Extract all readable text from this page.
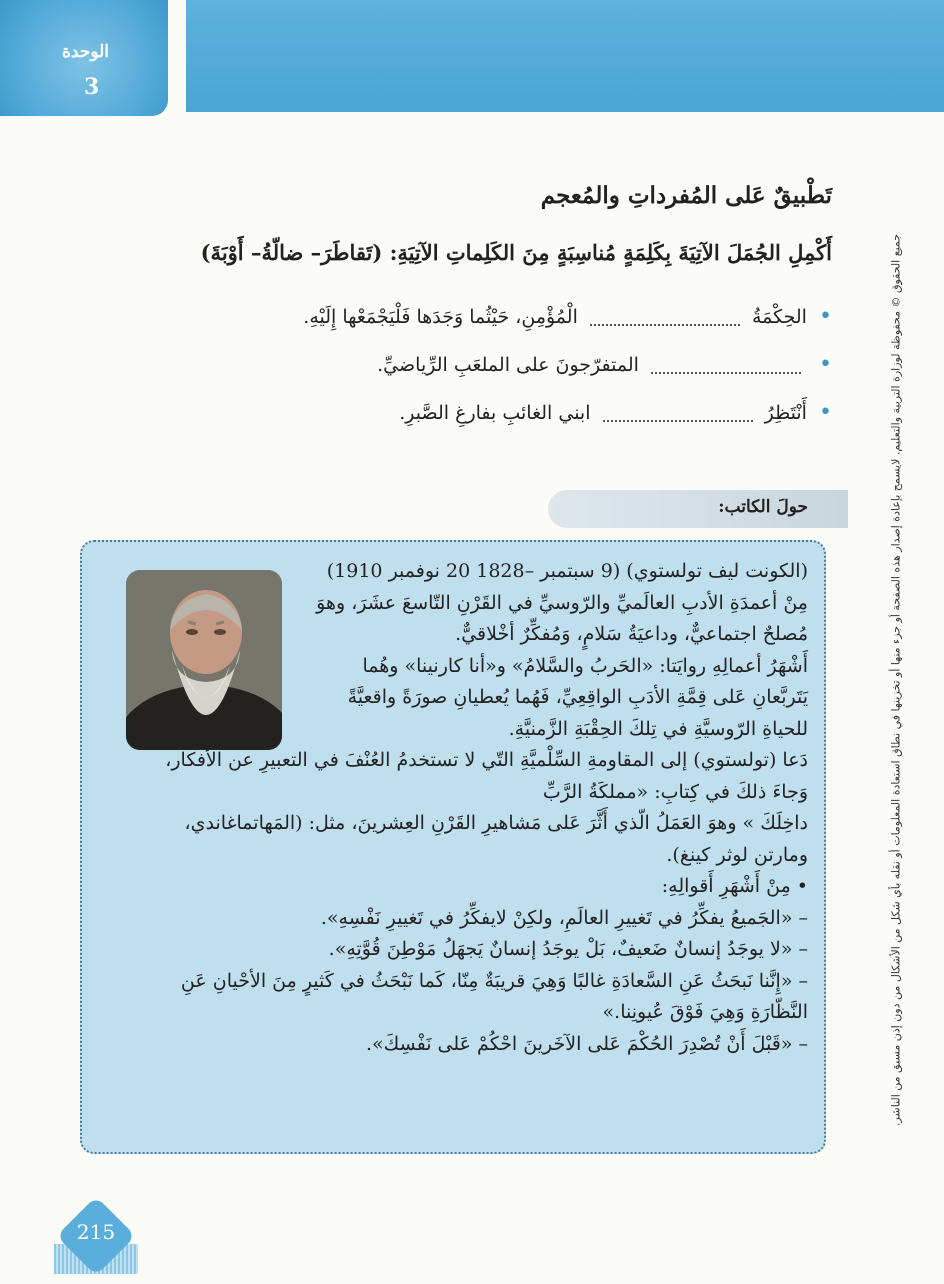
الوحدة
3
تَطْبيقٌ عَلى المُفرداتِ والمُعجم
أَكْمِلِ الجُمَلَ الآتِيَةَ بِكَلِمَةٍ مُناسِبَةٍ مِنَ الكَلِماتِ الآتِيَةِ: (تَقاطَرَ– ضالّةُ– أَوْبَةَ)
• الحِكْمَةُ  الْمُؤْمِنِ، حَيْثُما وَجَدَها فَلْيَجْمَعْها إِلَيْهِ.
•  المتفرّجونَ على الملعَبِ الرِّياضيِّ.
• أَنْتَظِرُ  ابني الغائبِ بفارغِ الصَّبرِ.	جميع الحقوق © محفوظة لوزارة التربية والتعليم. لايسمح بإعادة إصدار هذه الصفحة أو جزء منها أو تخزينها في نطاق استعادة المعلومات أو نقله بأي شكل من الأشكال من دون إذن مسبق من الناشر.
حولَ الكاتب:

(الكونت ليف تولستوي) (9 سبتمبر –1828 20 نوفمبر 1910)

مِنْ أعمدَةِ الأدبِ العالَميِّ والرّوسيِّ في القَرْنِ التّاسعَ عشَرَ، وهوَ

مُصلحٌ اجتماعيٌّ، وداعيَةُ سَلامٍ، وَمُفكِّرٌ أخْلاقيٌّ.

أَشْهَرُ أعمالِهِ روايَتا: «الحَربُ والسَّلامُ» و«أنا كارنينا» وهُما

يَتَربَّعانِ عَلى قِمَّةِ الأدَبِ الواقِعِيِّ، فَهُما يُعطيانِ صورَةً واقعيَّةً

للحياةِ الرّوسيَّةِ في تِلكَ الحِقْبَةِ الزَّمنيَّةِ.

دَعا (تولستوي) إلى المقاومةِ السِّلْميَّةِ التّي لا تستخدمُ العُنْفَ في التعبيرِ عن الأفكار،

وَجاءَ ذلكَ في كِتابِ: «مملكَةُ الرَّبِّ

داخِلَكَ » وهوَ العَمَلُ الّذي أَثَّرَ عَلى مَشاهيرِ القَرْنِ العِشرينَ، مثل: (المَهاتماغاندي،

ومارتن لوثر كينغ).

• مِنْ أَشْهَرِ أَقوالِهِ:

– «الجَميعُ يفكِّرُ في تَغييرِ العالَمِ، ولكِنْ لايفكِّرُ في تَغييرِ نَفْسِهِ».

– «لا يوجَدُ إنسانٌ ضَعيفٌ، بَلْ يوجَدُ إنسانٌ يَجهَلُ مَوْطِنَ قُوَّتِهِ».

– «إِنَّنا نَبحَثُ عَنِ السَّعادَةِ غالبًا وَهِيَ قريبَةٌ مِنّا، كَما نَبْحَثُ في كَثيرٍ مِنَ الأحْيانِ عَنِ

النَّظّارَةِ وَهِيَ فَوْقَ عُيونِنا.»

– «قَبْلَ أَنْ تُصْدِرَ الحُكْمَ عَلى الآخَرينَ احْكُمْ عَلى نَفْسِكَ».

215
